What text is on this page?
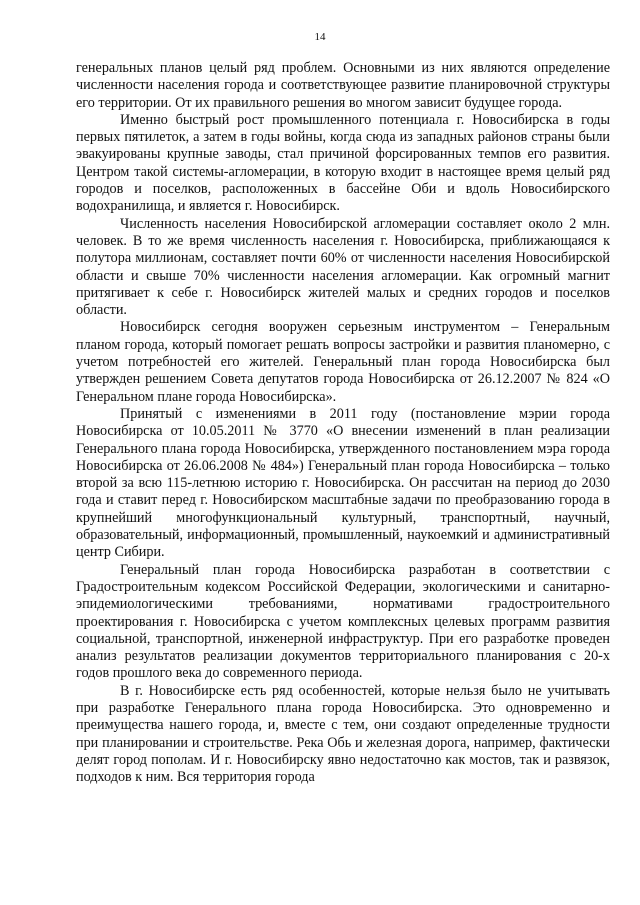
14

генеральных планов целый ряд проблем. Основными из них являются определение численности населения города и соответствующее развитие планировочной структуры его территории. От их правильного решения во многом зависит будущее города.

Именно быстрый рост промышленного потенциала г. Новосибирска в годы первых пятилеток, а затем в годы войны, когда сюда из западных районов страны были эвакуированы крупные заводы, стал причиной форсированных темпов его развития. Центром такой системы-агломерации, в которую входит в настоящее время целый ряд городов и поселков, расположенных в бассейне Оби и вдоль Новосибирского водохранилища, и является г. Новосибирск.

Численность населения Новосибирской агломерации составляет около 2 млн. человек. В то же время численность населения г. Новосибирска, приближающаяся к полутора миллионам, составляет почти 60% от численности населения Новосибирской области и свыше 70% численности населения агломерации. Как огромный магнит притягивает к себе г. Новосибирск жителей малых и средних городов и поселков области.

Новосибирск сегодня вооружен серьезным инструментом – Генеральным планом города, который помогает решать вопросы застройки и развития планомерно, с учетом потребностей его жителей. Генеральный план города Новосибирска был утвержден решением Совета депутатов города Новосибирска от 26.12.2007 № 824 «О Генеральном плане города Новосибирска».

Принятый с изменениями в 2011 году (постановление мэрии города Новосибирска от 10.05.2011 № 3770 «О внесении изменений в план реализации Генерального плана города Новосибирска, утвержденного постановлением мэра города Новосибирска от 26.06.2008 № 484») Генеральный план города Новосибирска – только второй за всю 115-летнюю историю г. Новосибирска. Он рассчитан на период до 2030 года и ставит перед г. Новосибирском масштабные задачи по преобразованию города в крупнейший многофункциональный культурный, транспортный, научный, образовательный, информационный, промышленный, наукоемкий и административный центр Сибири.

Генеральный план города Новосибирска разработан в соответствии с Градостроительным кодексом Российской Федерации, экологическими и санитарно-эпидемиологическими требованиями, нормативами градостроительного проектирования г. Новосибирска с учетом комплексных целевых программ развития социальной, транспортной, инженерной инфраструктур. При его разработке проведен анализ результатов реализации документов территориального планирования с 20-х годов прошлого века до современного периода.

В г. Новосибирске есть ряд особенностей, которые нельзя было не учитывать при разработке Генерального плана города Новосибирска. Это одновременно и преимущества нашего города, и, вместе с тем, они создают определенные трудности при планировании и строительстве. Река Обь и железная дорога, например, фактически делят город пополам. И г. Новосибирску явно недостаточно как мостов, так и развязок, подходов к ним. Вся территория города
